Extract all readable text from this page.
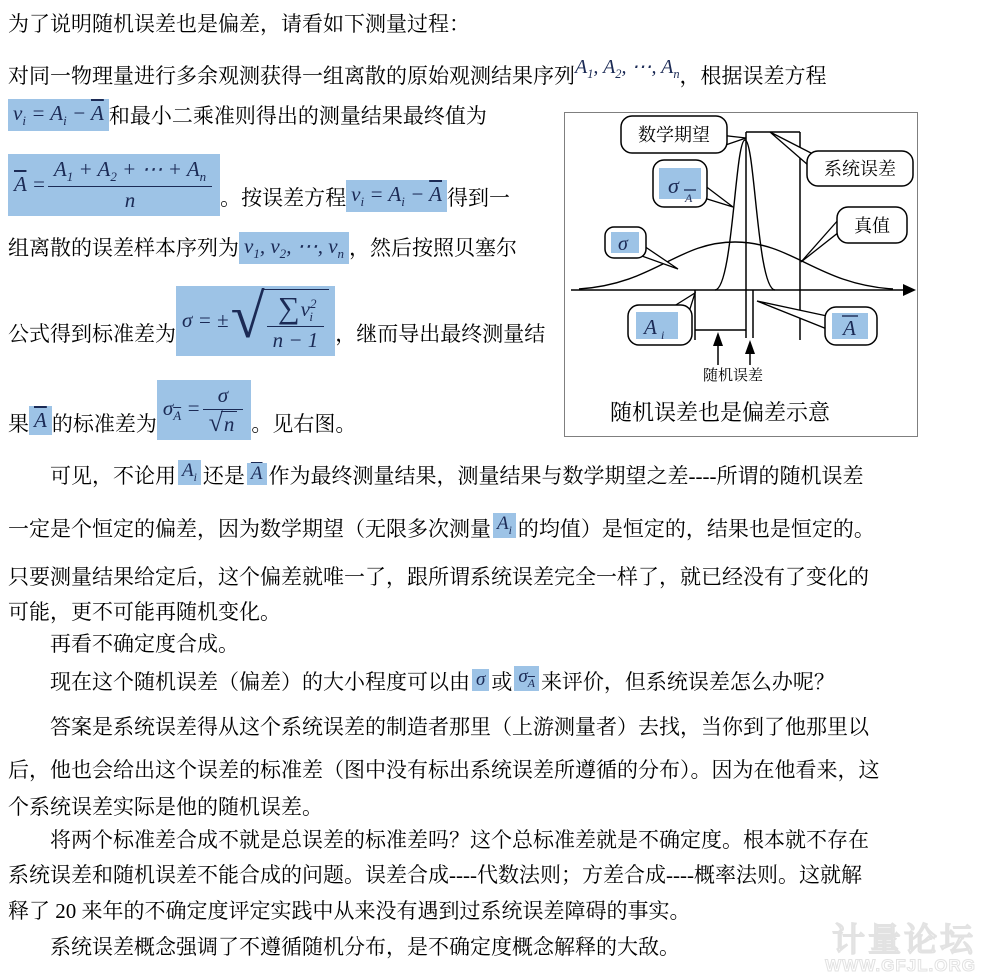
为了说明随机误差也是偏差，请看如下测量过程：
对同一物理量进行多余观测获得一组离散的原始观测结果序列 $A_1$, $A_2$, ⋯, $A_n$ ，根据误差方程
$v_i = A_i - \overline{A}$ 和最小二乘准则得出的测量结果最终值为
$\overline{A} = \frac{A_1 + A_2 + \cdots + A_n}{n}$ 。按误差方程 $v_i = A_i - \overline{A}$ 得到一
组离散的误差样本序列为 $v_1$, $v_2$, ⋯, $v_n$ ，然后按照贝塞尔
公式得到标准差为
σ = ± √ $\frac{\sum v^2_i}{n - 1}$ ，继而导出最终测量结
果 $\overline{A}$ 的标准差为
$\sigma_{\overline{A}} = \frac{\sigma}{√n}$ 。见右图。
数学期望
系统误差
σ A
真值
σ
A i	A
随机误差
随机误差也是偏差示意
可见，不论用 $A_i$ 还是 $\overline{A}$ 作为最终测量结果，测量结果与数学期望之差----所谓的随机误差
一定是个恒定的偏差，因为数学期望（无限多次测量 $A_i$ 的均值）是恒定的，结果也是恒定的。
只要测量结果给定后，这个偏差就唯一了，跟所谓系统误差完全一样了，就已经没有了变化的
可能，更不可能再随机变化。
再看不确定度合成。
现在这个随机误差（偏差）的大小程度可以由 σ 或 $\sigma_{\overline{A}}$ 来评价，但系统误差怎么办呢？
答案是系统误差得从这个系统误差的制造者那里（上游测量者）去找，当你到了他那里以
后，他也会给出这个误差的标准差（图中没有标出系统误差所遵循的分布）。因为在他看来，这
个系统误差实际是他的随机误差。
将两个标准差合成不就是总误差的标准差吗？这个总标准差就是不确定度。根本就不存在
系统误差和随机误差不能合成的问题。误差合成----代数法则；方差合成----概率法则。这就解
释了 20 来年的不确定度评定实践中从来没有遇到过系统误差障碍的事实。
系统误差概念强调了不遵循随机分布，是不确定度概念解释的大敌。	计量论坛
WWW.GFJL.ORG
